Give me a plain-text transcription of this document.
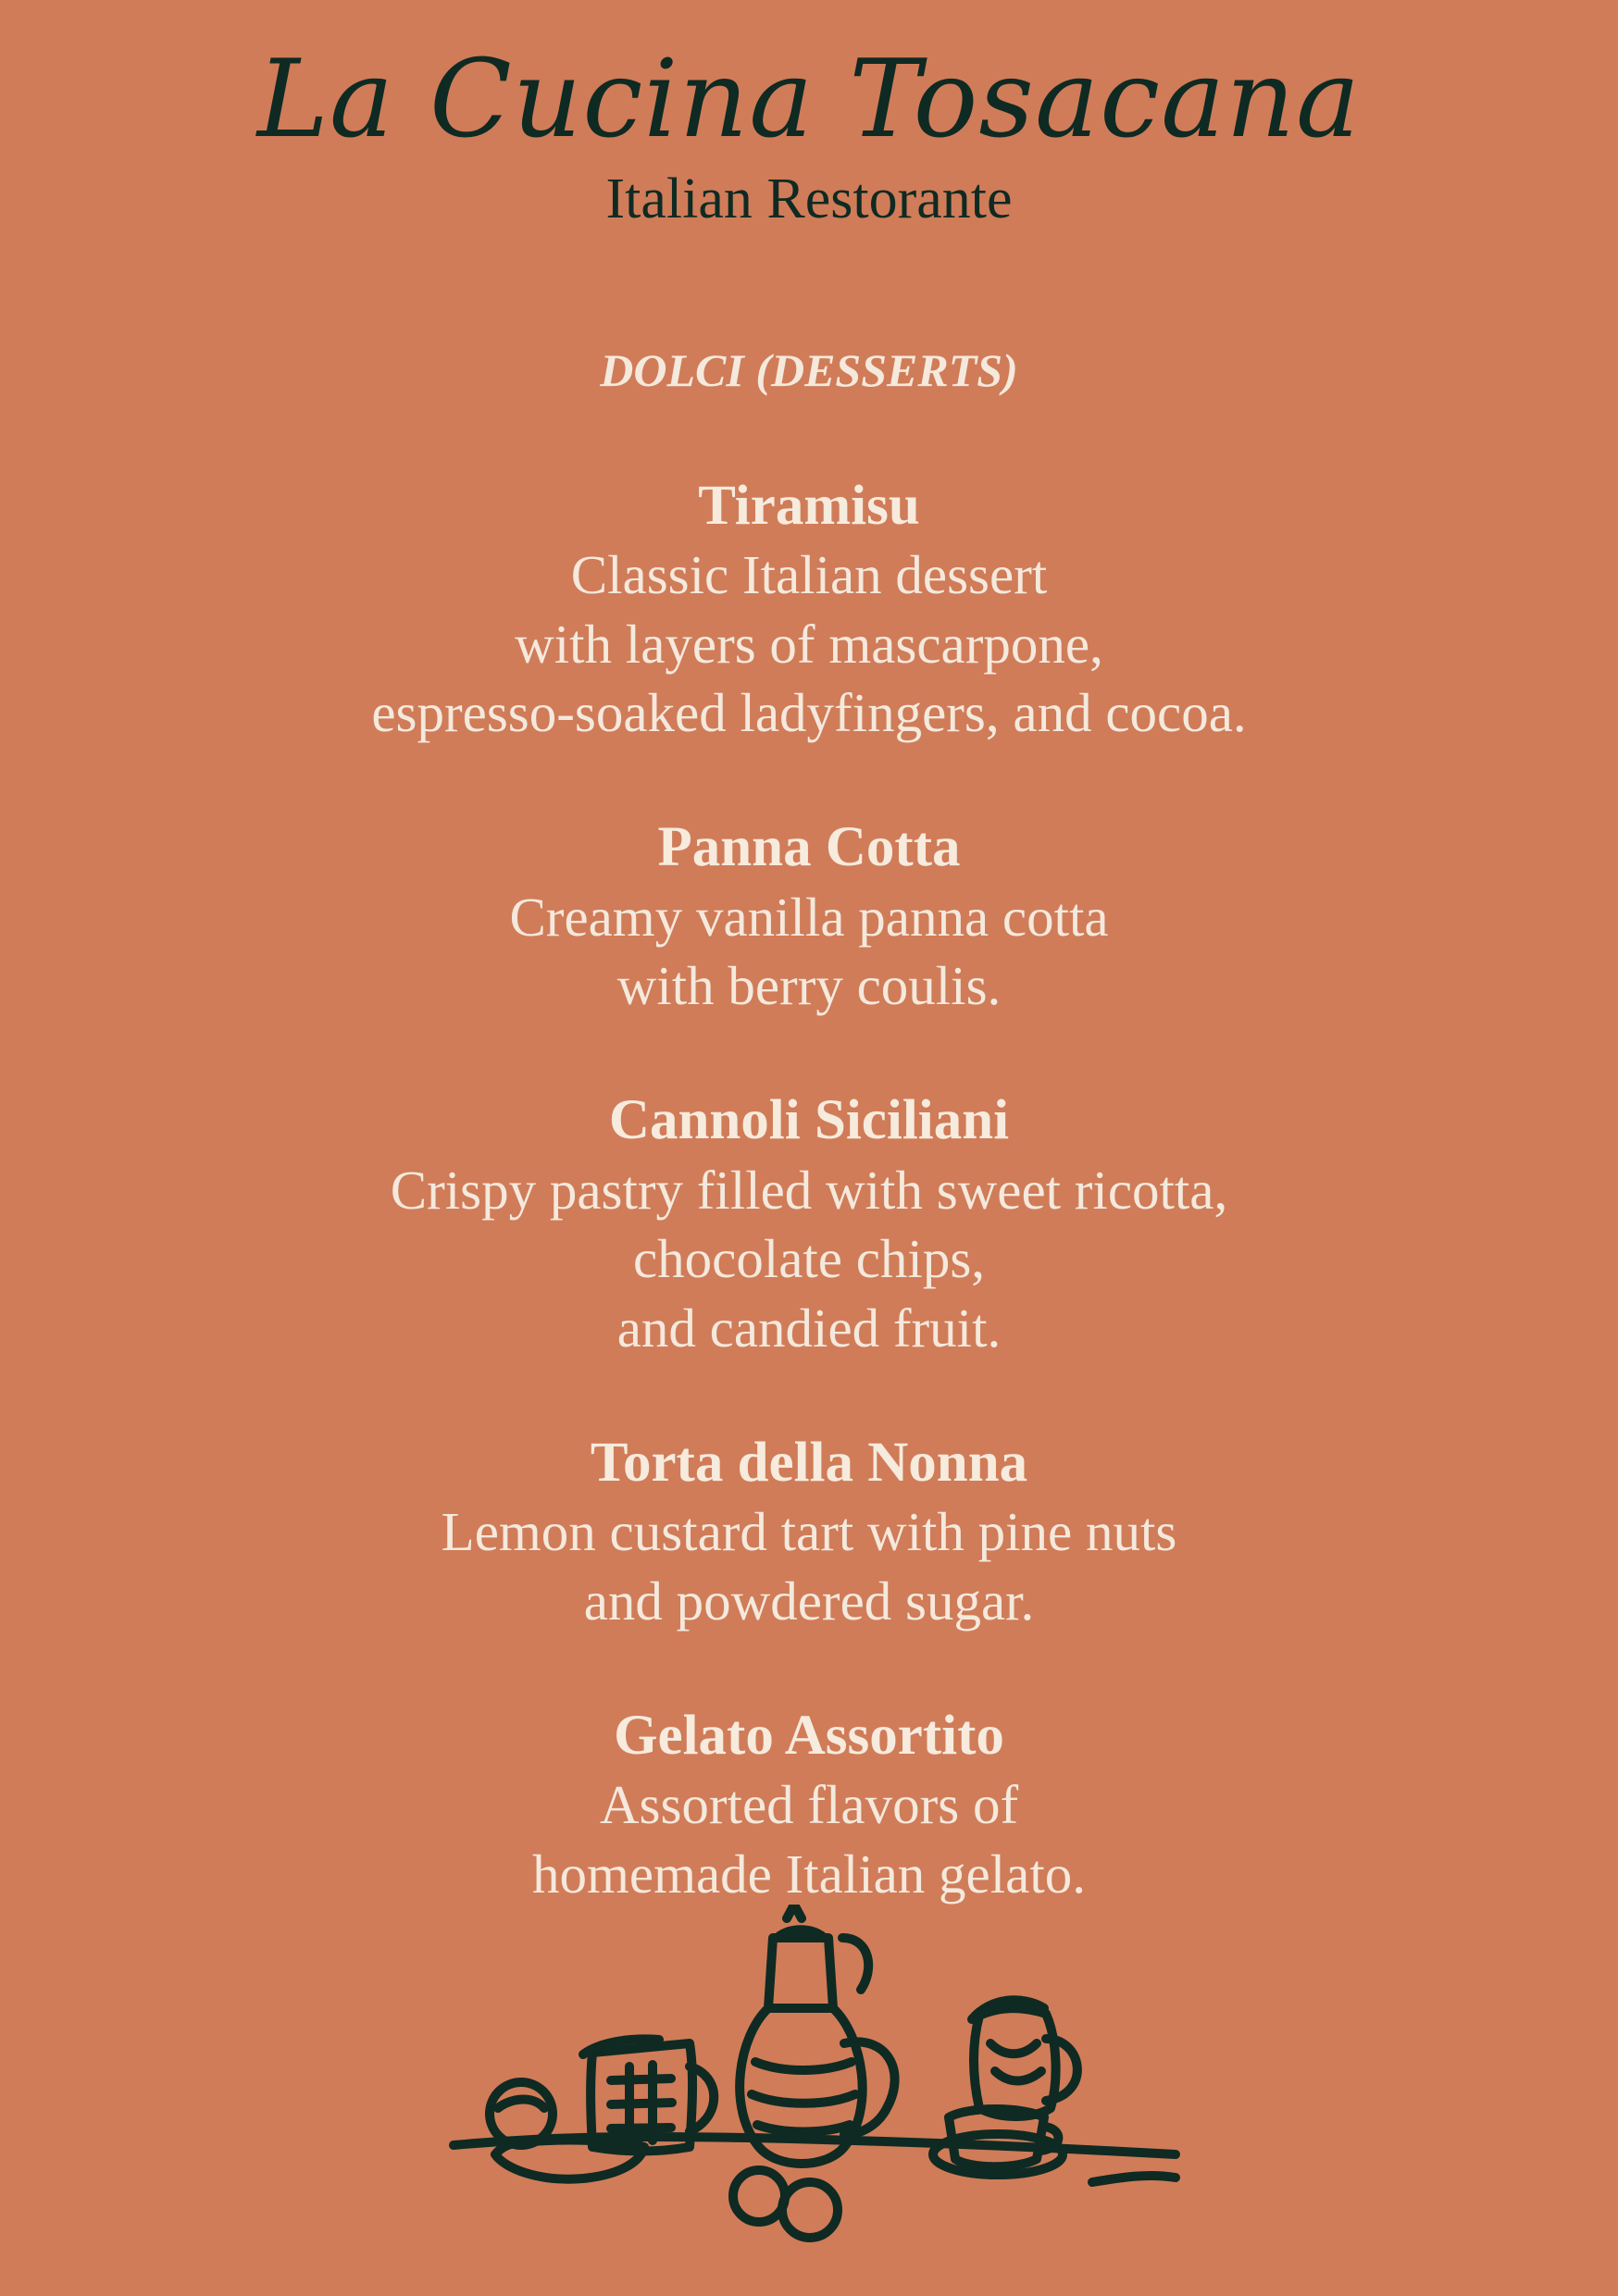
La Cucina Tosacana
Italian Restorante
DOLCI (DESSERTS)
Tiramisu
Classic Italian dessert
with layers of mascarpone,
espresso-soaked ladyfingers, and cocoa.
Panna Cotta
Creamy vanilla panna cotta
with berry coulis.
Cannoli Siciliani
Crispy pastry filled with sweet ricotta,
chocolate chips,
and candied fruit.
Torta della Nonna
Lemon custard tart with pine nuts
and powdered sugar.
Gelato Assortito
Assorted flavors of
homemade Italian gelato.
